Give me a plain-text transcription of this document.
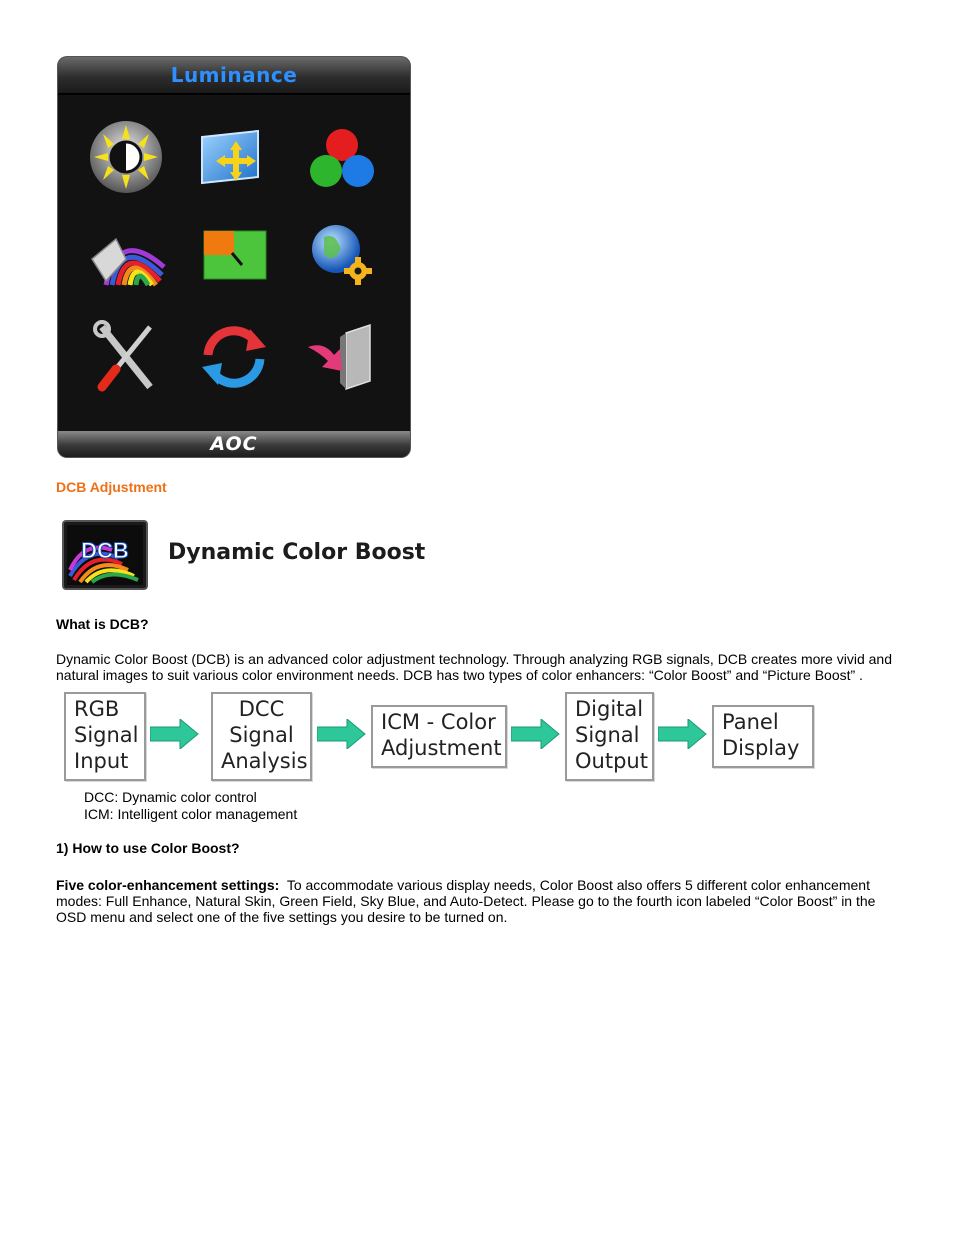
Luminance
AOC
DCB Adjustment
DCB Dynamic Color Boost
What is DCB?
Dynamic Color Boost (DCB) is an advanced color adjustment technology. Through analyzing RGB signals, DCB creates more vivid and natural images to suit various color environment needs. DCB has two types of color enhancers: “Color Boost” and “Picture Boost” .
RGB
Signal
Input
DCC
Signal
Analysis
ICM - Color
Adjustment
Digital
Signal
Output
Panel
Display
DCC: Dynamic color control
ICM: Intelligent color management
1) How to use Color Boost?
Five color-enhancement settings: To accommodate various display needs, Color Boost also offers 5 different color enhancement modes: Full Enhance, Natural Skin, Green Field, Sky Blue, and Auto-Detect. Please go to the fourth icon labeled “Color Boost” in the OSD menu and select one of the five settings you desire to be turned on.
